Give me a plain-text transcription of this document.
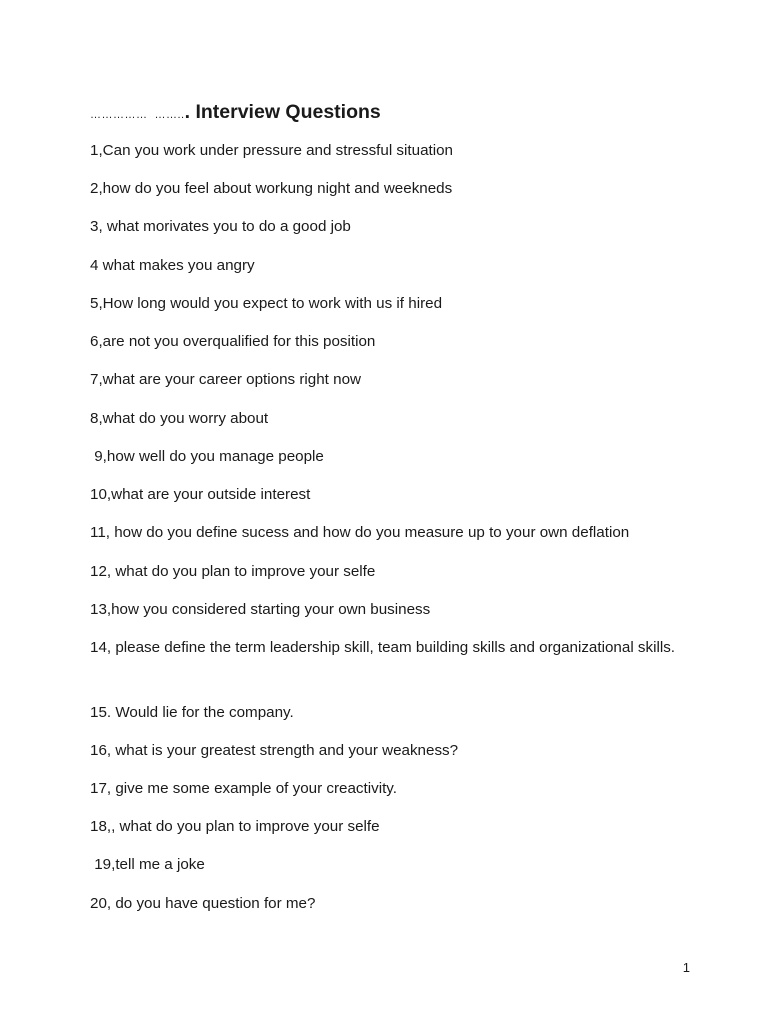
…………… ……... Interview Questions

1,Can you work under pressure and stressful situation

2,how do you feel about workung night and weekneds

3, what morivates you to do a good job

4 what makes you angry

5,How long would you expect to work with us if hired

6,are not you overqualified for this position

7,what are your career options right now

8,what do you worry about

9,how well do you manage people

10,what are your outside interest

11, how do you define sucess and how do you measure up to your own deflation

12, what do you plan to improve your selfe

13,how you considered starting your own business

14, please define the term leadership skill, team building skills and organizational skills.

15. Would lie for the company.

16, what is your greatest strength and your weakness?

17, give me some example of your creactivity.

18,, what do you plan to improve your selfe

19,tell me a joke

20, do you have question for me?

1
